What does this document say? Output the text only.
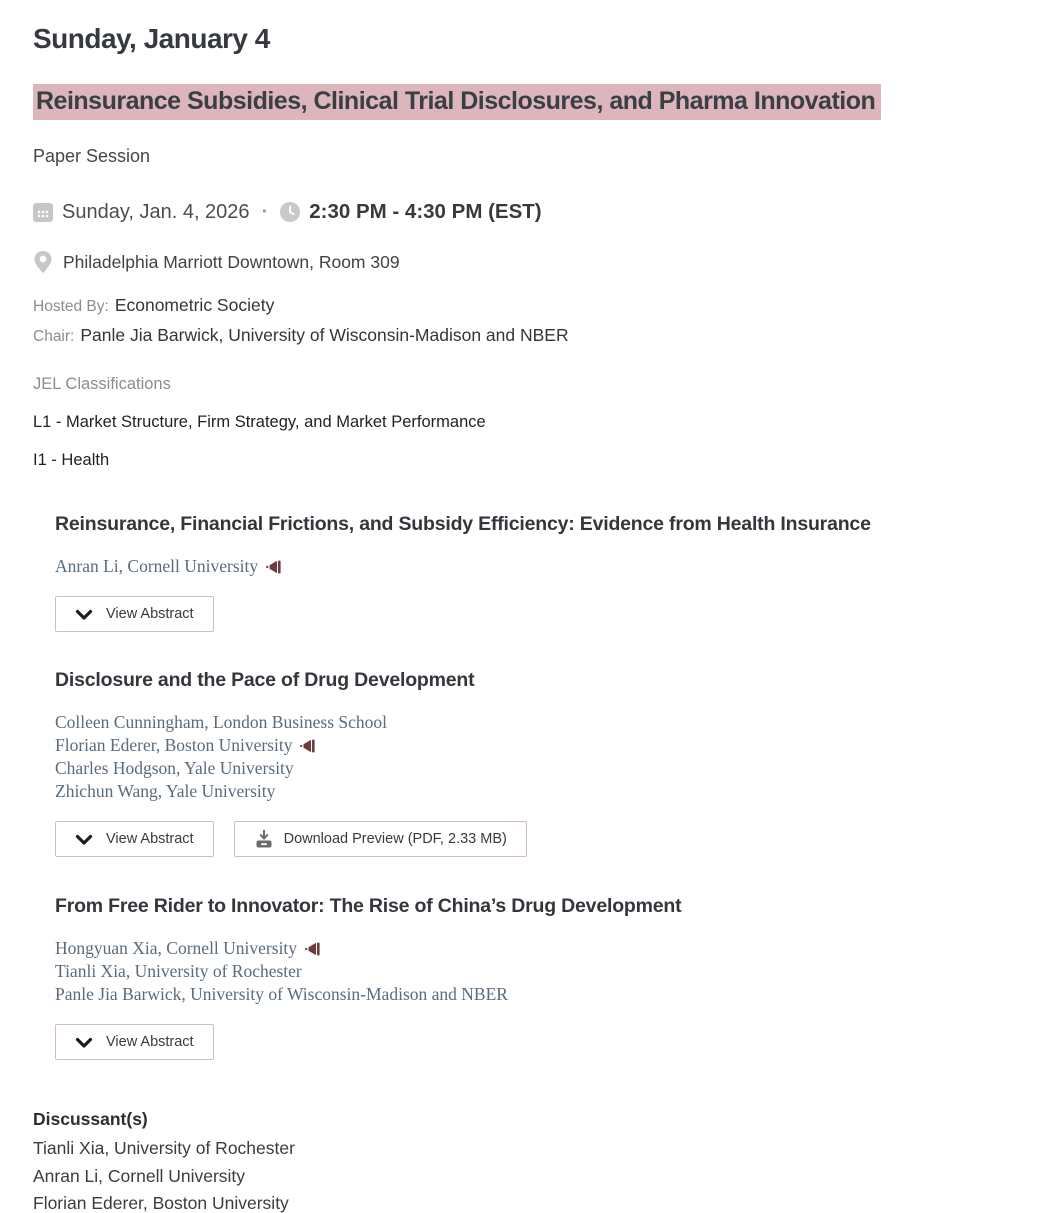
Sunday, January 4
Reinsurance Subsidies, Clinical Trial Disclosures, and Pharma Innovation
Paper Session
Sunday, Jan. 4, 2026 · 2:30 PM - 4:30 PM (EST)
Philadelphia Marriott Downtown, Room 309
Hosted By: Econometric Society
Chair: Panle Jia Barwick, University of Wisconsin-Madison and NBER
JEL Classifications
L1 - Market Structure, Firm Strategy, and Market Performance
I1 - Health
Reinsurance, Financial Frictions, and Subsidy Efficiency: Evidence from Health Insurance
Anran Li, Cornell University
View Abstract
Disclosure and the Pace of Drug Development
Colleen Cunningham, London Business School
Florian Ederer, Boston University
Charles Hodgson, Yale University
Zhichun Wang, Yale University
View Abstract	Download Preview (PDF, 2.33 MB)
From Free Rider to Innovator: The Rise of China’s Drug Development
Hongyuan Xia, Cornell University
Tianli Xia, University of Rochester
Panle Jia Barwick, University of Wisconsin-Madison and NBER
View Abstract
Discussant(s)
Tianli Xia, University of Rochester
Anran Li, Cornell University
Florian Ederer, Boston University
